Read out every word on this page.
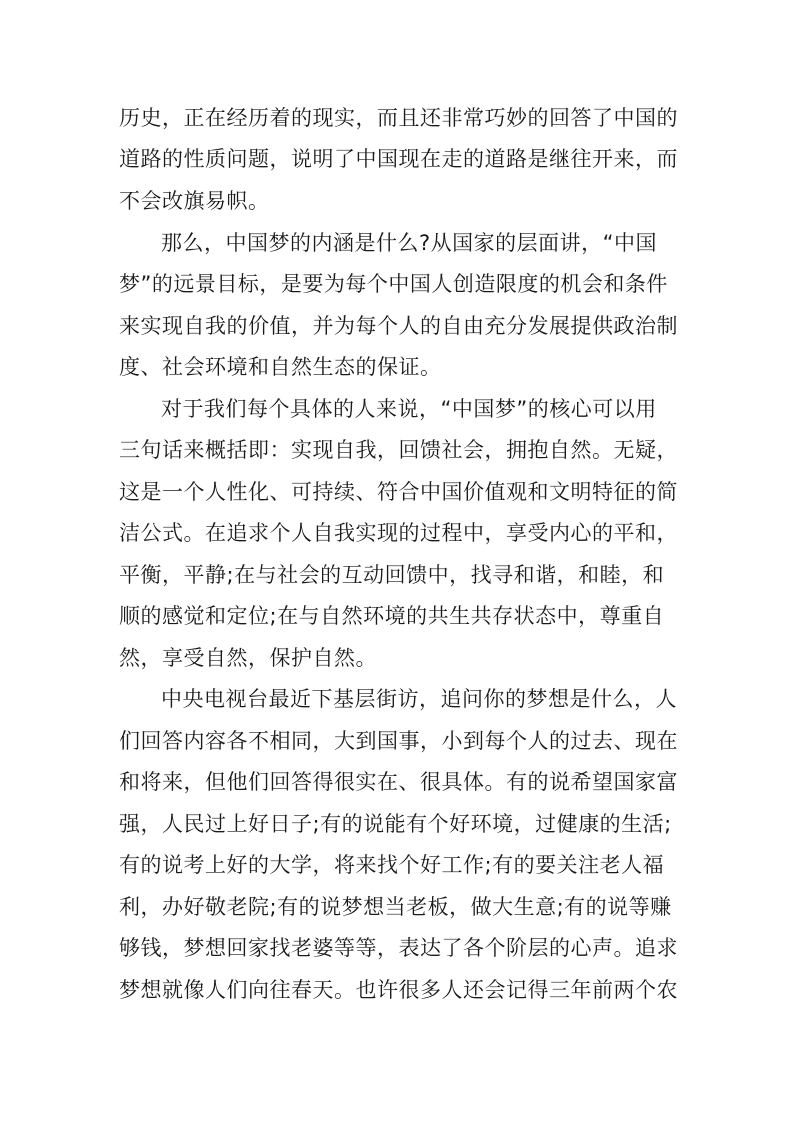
历史，正在经历着的现实，而且还非常巧妙的回答了中国的
道路的性质问题，说明了中国现在走的道路是继往开来，而
不会改旗易帜。
那么，中国梦的内涵是什么?从国家的层面讲，“中国
梦”的远景目标，是要为每个中国人创造限度的机会和条件
来实现自我的价值，并为每个人的自由充分发展提供政治制
度、社会环境和自然生态的保证。
对于我们每个具体的人来说，“中国梦”的核心可以用
三句话来概括即：实现自我，回馈社会，拥抱自然。无疑，
这是一个人性化、可持续、符合中国价值观和文明特征的简
洁公式。在追求个人自我实现的过程中，享受内心的平和，
平衡，平静;在与社会的互动回馈中，找寻和谐，和睦，和
顺的感觉和定位;在与自然环境的共生共存状态中，尊重自
然，享受自然，保护自然。
中央电视台最近下基层街访，追问你的梦想是什么，人
们回答内容各不相同，大到国事，小到每个人的过去、现在
和将来，但他们回答得很实在、很具体。有的说希望国家富
强，人民过上好日子;有的说能有个好环境，过健康的生活;
有的说考上好的大学，将来找个好工作;有的要关注老人福
利，办好敬老院;有的说梦想当老板，做大生意;有的说等赚
够钱，梦想回家找老婆等等，表达了各个阶层的心声。追求
梦想就像人们向往春天。也许很多人还会记得三年前两个农
